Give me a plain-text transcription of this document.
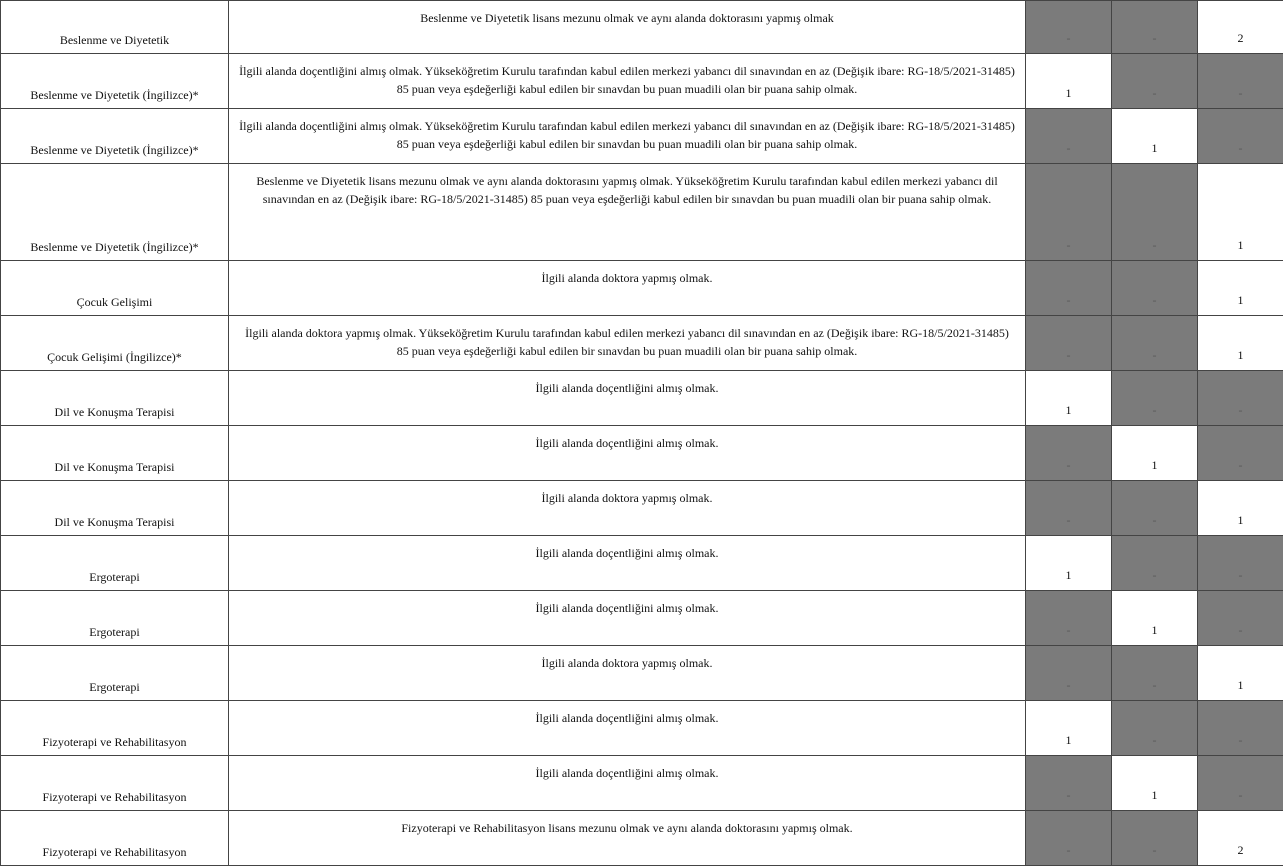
Beslenme ve Diyetetik	Beslenme ve Diyetetik lisans mezunu olmak ve aynı alanda doktorasını yapmış olmak	-	-	2
Beslenme ve Diyetetik (İngilizce)*	İlgili alanda doçentliğini almış olmak. Yükseköğretim Kurulu tarafından kabul edilen merkezi yabancı dil sınavından en az (Değişik ibare: RG-18/5/2021-31485) 85 puan veya eşdeğerliği kabul edilen bir sınavdan bu puan muadili olan bir puana sahip olmak.	1	-	-
Beslenme ve Diyetetik (İngilizce)*	İlgili alanda doçentliğini almış olmak. Yükseköğretim Kurulu tarafından kabul edilen merkezi yabancı dil sınavından en az (Değişik ibare: RG-18/5/2021-31485) 85 puan veya eşdeğerliği kabul edilen bir sınavdan bu puan muadili olan bir puana sahip olmak.	-	1	-
Beslenme ve Diyetetik (İngilizce)*	Beslenme ve Diyetetik lisans mezunu olmak ve aynı alanda doktorasını yapmış olmak. Yükseköğretim Kurulu tarafından kabul edilen merkezi yabancı dil sınavından en az (Değişik ibare: RG-18/5/2021-31485) 85 puan veya eşdeğerliği kabul edilen bir sınavdan bu puan muadili olan bir puana sahip olmak.	-	-	1
Çocuk Gelişimi	İlgili alanda doktora yapmış olmak.	-	-	1
Çocuk Gelişimi (İngilizce)*	İlgili alanda doktora yapmış olmak. Yükseköğretim Kurulu tarafından kabul edilen merkezi yabancı dil sınavından en az (Değişik ibare: RG-18/5/2021-31485) 85 puan veya eşdeğerliği kabul edilen bir sınavdan bu puan muadili olan bir puana sahip olmak.	-	-	1
Dil ve Konuşma Terapisi	İlgili alanda doçentliğini almış olmak.	1	-	-
Dil ve Konuşma Terapisi	İlgili alanda doçentliğini almış olmak.	-	1	-
Dil ve Konuşma Terapisi	İlgili alanda doktora yapmış olmak.	-	-	1
Ergoterapi	İlgili alanda doçentliğini almış olmak.	1	-	-
Ergoterapi	İlgili alanda doçentliğini almış olmak.	-	1	-
Ergoterapi	İlgili alanda doktora yapmış olmak.	-	-	1
Fizyoterapi ve Rehabilitasyon	İlgili alanda doçentliğini almış olmak.	1	-	-
Fizyoterapi ve Rehabilitasyon	İlgili alanda doçentliğini almış olmak.	-	1	-
Fizyoterapi ve Rehabilitasyon	Fizyoterapi ve Rehabilitasyon lisans mezunu olmak ve aynı alanda doktorasını yapmış olmak.	-	-	2
